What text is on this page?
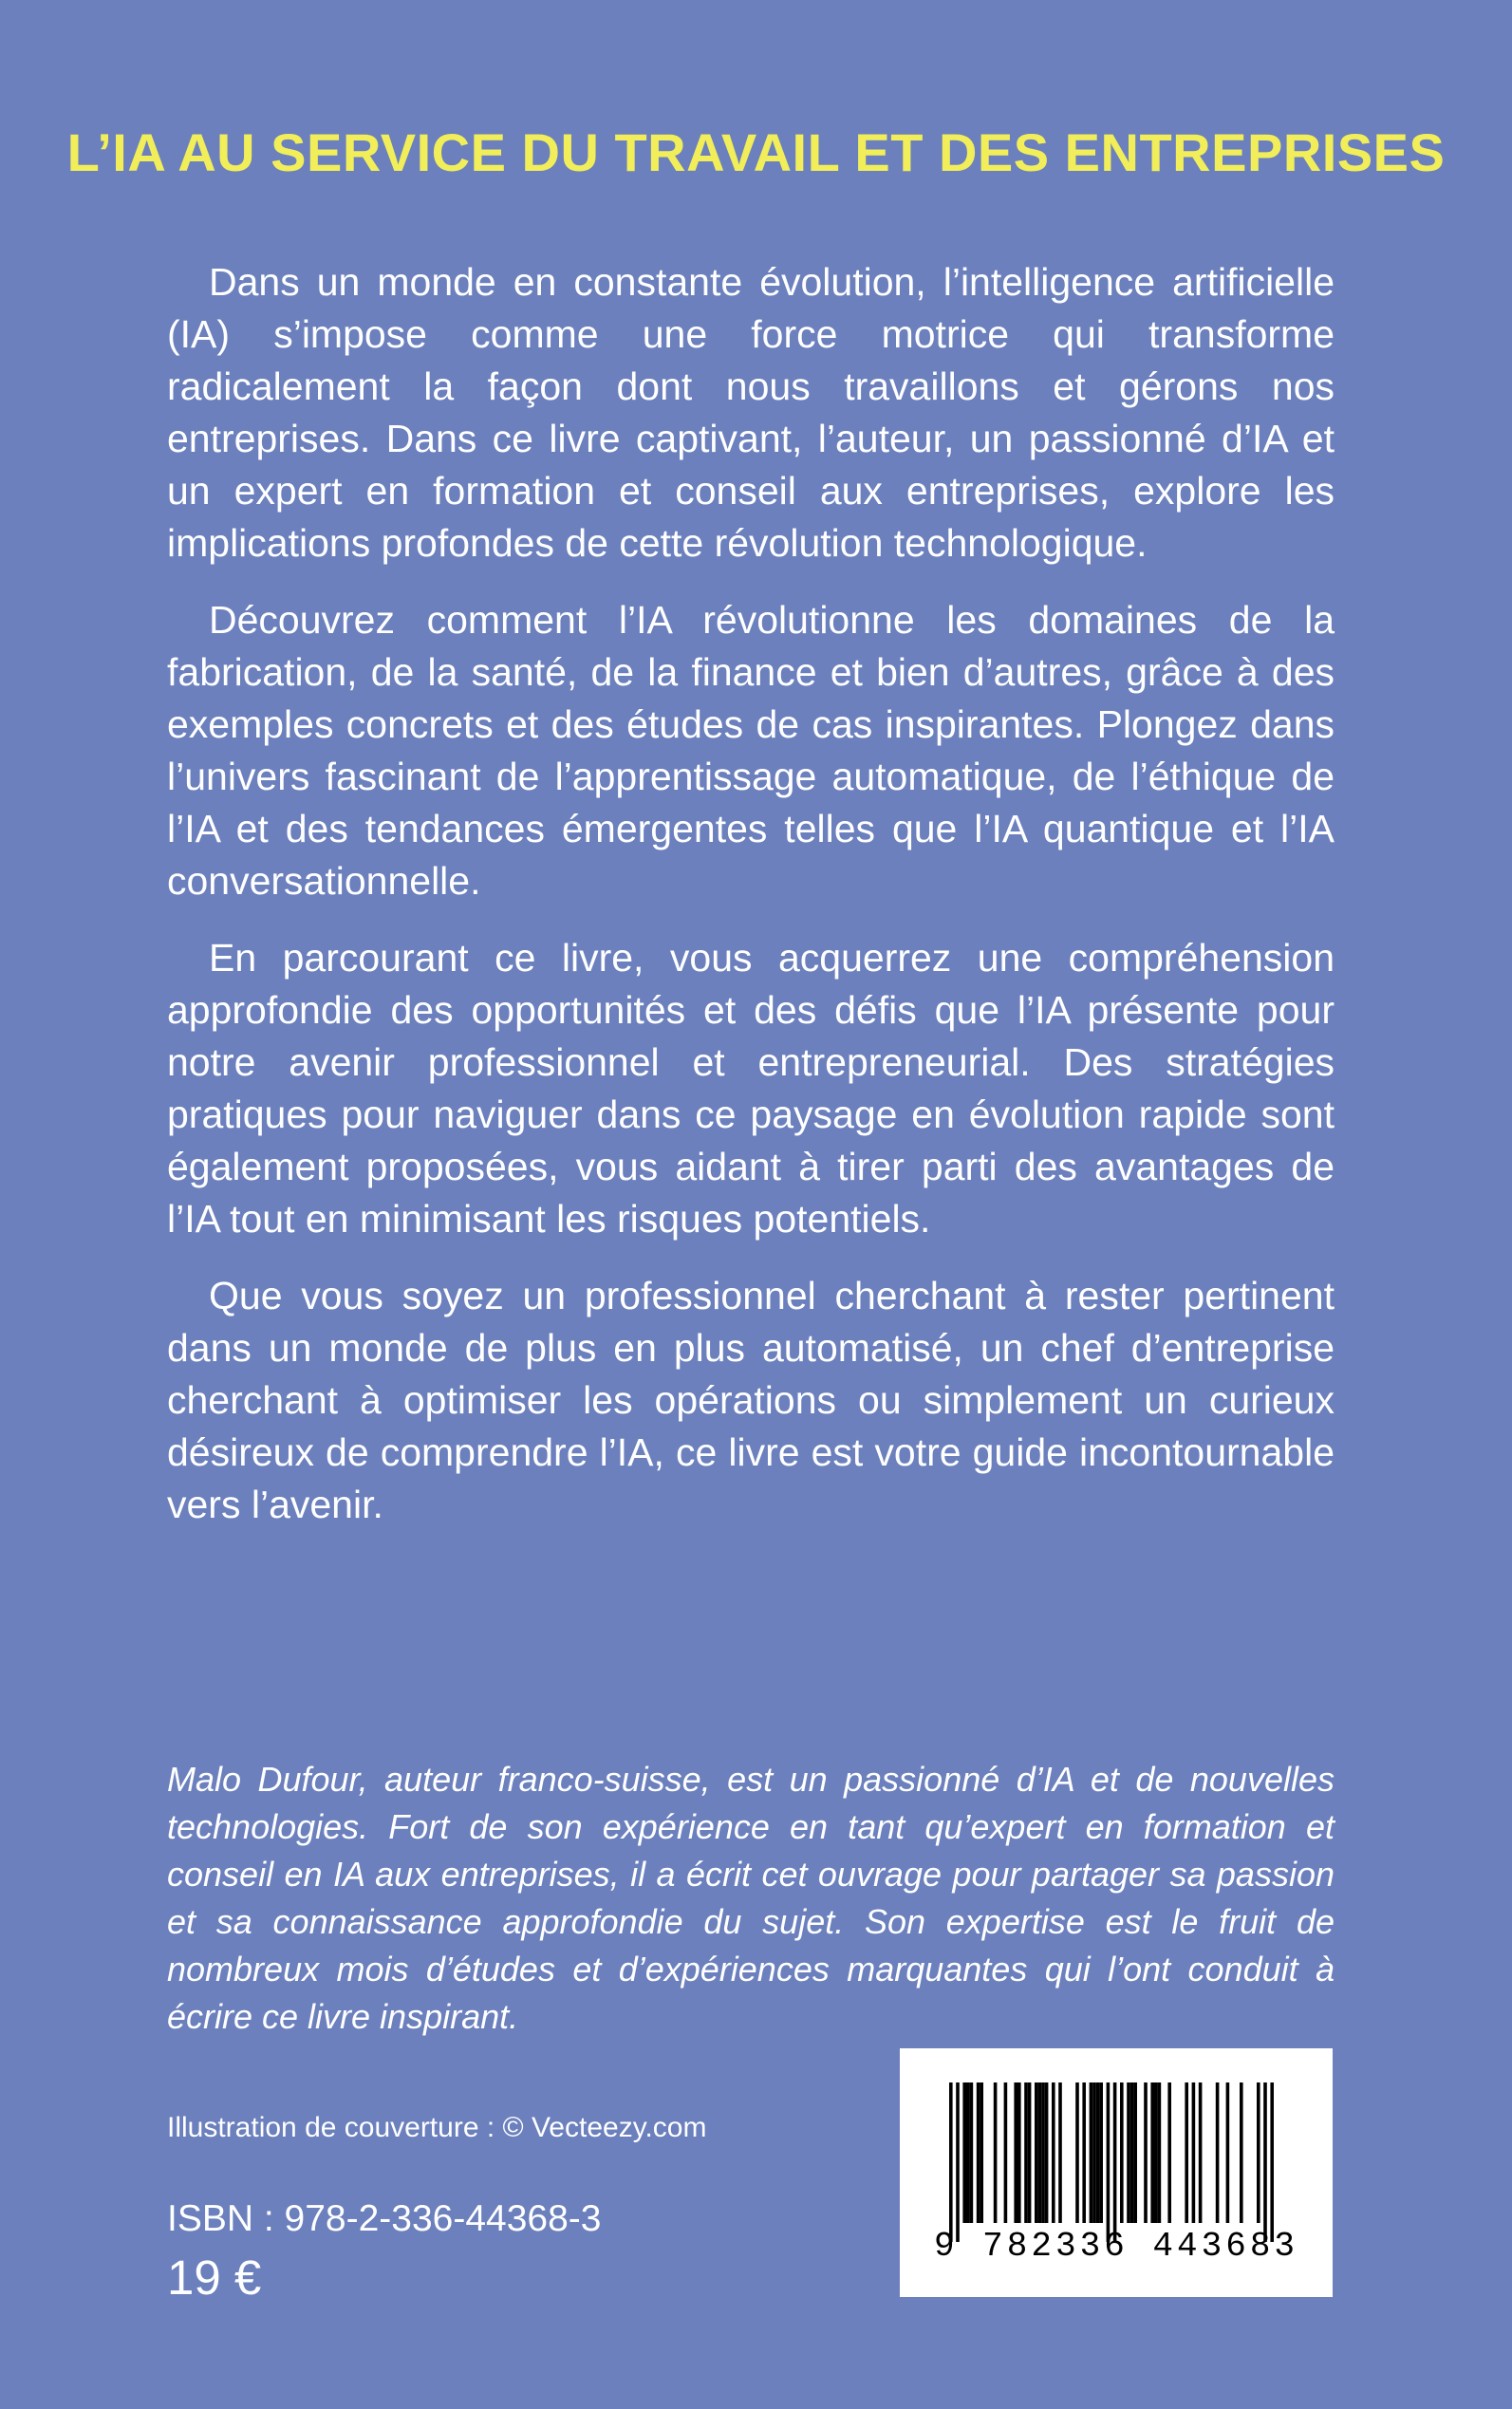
L’IA AU SERVICE DU TRAVAIL ET DES ENTREPRISES

Dans un monde en constante évolution, l’intelligence artificielle (IA) s’impose comme une force motrice qui transforme radicalement la façon dont nous travaillons et gérons nos entreprises. Dans ce livre captivant, l’auteur, un passionné d’IA et un expert en formation et conseil aux entreprises, explore les implications profondes de cette révolution technologique.

Découvrez comment l’IA révolutionne les domaines de la fabrication, de la santé, de la finance et bien d’autres, grâce à des exemples concrets et des études de cas inspirantes. Plongez dans l’univers fascinant de l’apprentissage automatique, de l’éthique de l’IA et des tendances émergentes telles que l’IA quantique et l’IA conversationnelle.

En parcourant ce livre, vous acquerrez une compréhension approfondie des opportunités et des défis que l’IA présente pour notre avenir professionnel et entrepreneurial. Des stratégies pratiques pour naviguer dans ce paysage en évolution rapide sont également proposées, vous aidant à tirer parti des avantages de l’IA tout en minimisant les risques potentiels.

Que vous soyez un professionnel cherchant à rester pertinent dans un monde de plus en plus automatisé, un chef d’entreprise cherchant à optimiser les opérations ou simplement un curieux désireux de comprendre l’IA, ce livre est votre guide incontournable vers l’avenir.

Malo Dufour, auteur franco-suisse, est un passionné d’IA et de nouvelles technologies. Fort de son expérience en tant qu’expert en formation et conseil en IA aux entreprises, il a écrit cet ouvrage pour partager sa passion et sa connaissance approfondie du sujet. Son expertise est le fruit de nombreux mois d’études et d’expériences marquantes qui l’ont conduit à écrire ce livre inspirant.
Illustration de couverture : © Vecteezy.com
ISBN : 978-2-336-44368-3
19 €
9 782336 443683
